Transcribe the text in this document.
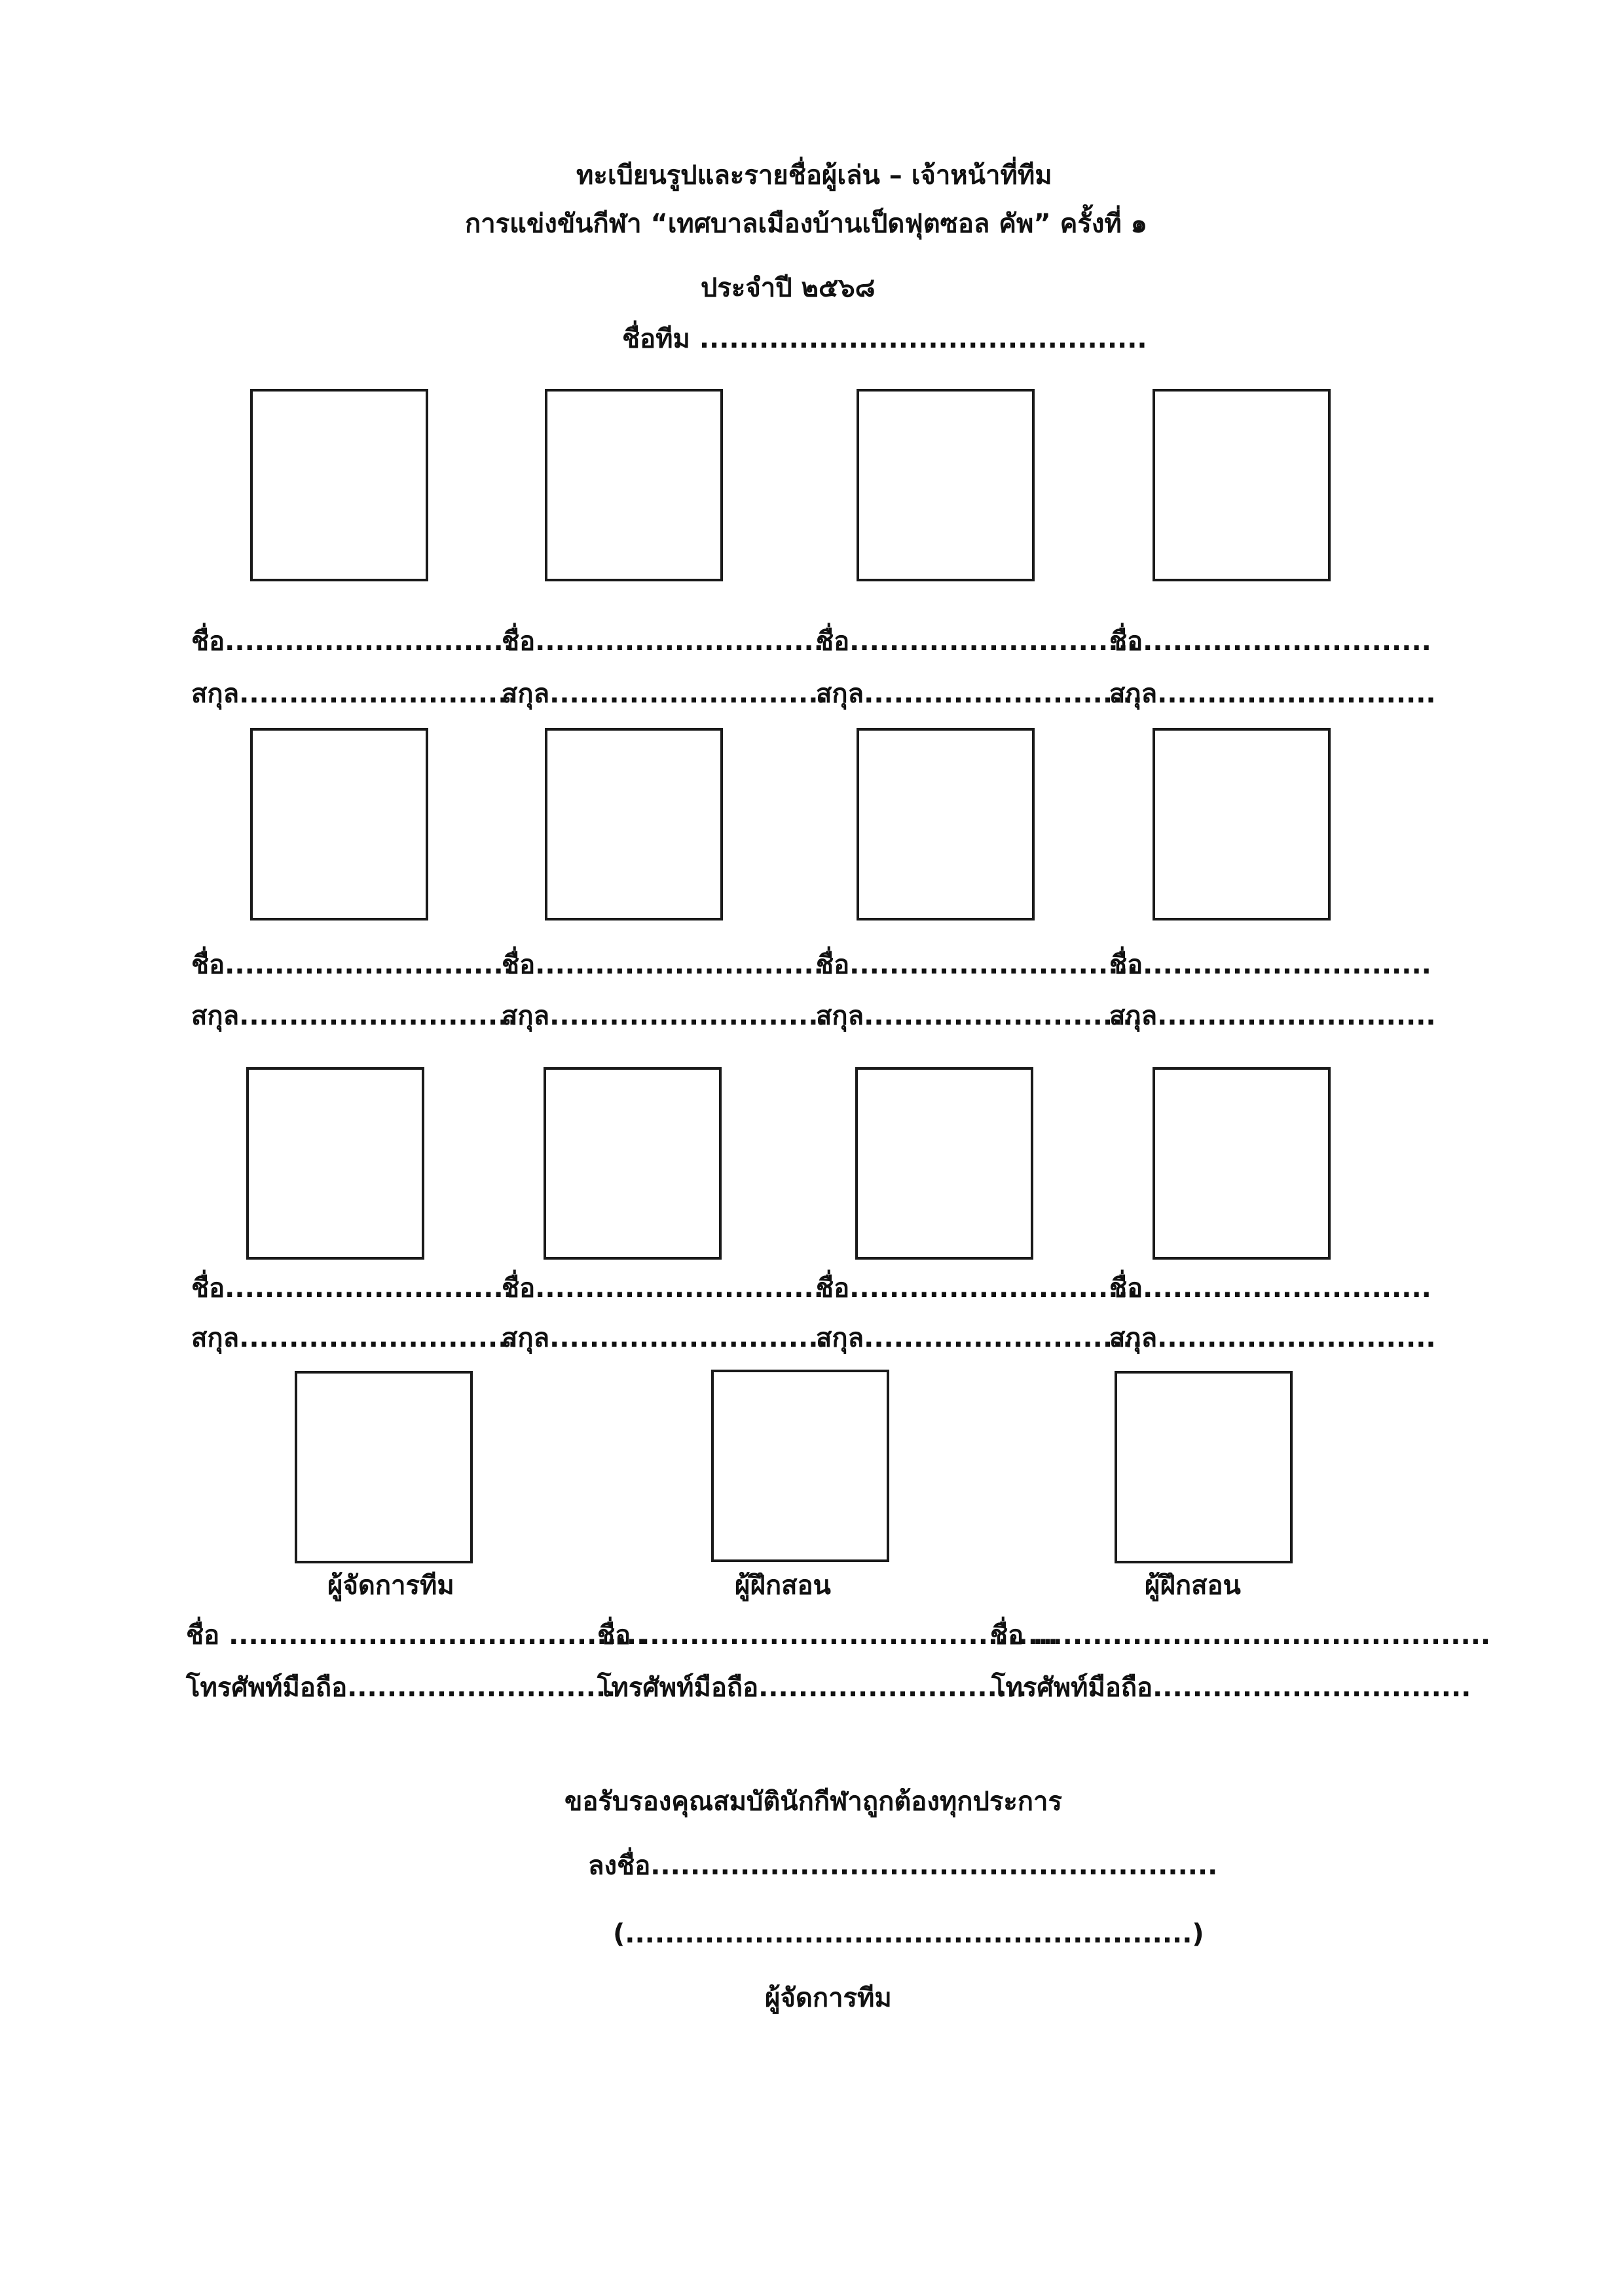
ทะเบียนรูปและรายชื่อผู้เล่น – เจ้าหน้าที่ทีม
การแข่งขันกีฬา “เทศบาลเมืองบ้านเป็ดฟุตซอล คัพ” ครั้งที่ ๑
ประจำปี ๒๕๖๘
ชื่อทีม .............................................
ชื่อ.............................
ชื่อ.............................
ชื่อ.............................
ชื่อ.............................
สกุล............................
สกุล............................
สกุล............................
สกุล............................
ชื่อ.............................
ชื่อ.............................
ชื่อ.............................
ชื่อ.............................
สกุล............................
สกุล............................
สกุล............................
สกุล............................
ชื่อ.............................
ชื่อ.............................
ชื่อ.............................
ชื่อ.............................
สกุล............................
สกุล............................
สกุล............................
สกุล............................
ผู้จัดการทีม	ผู้ฝึกสอน	ผู้ฝึกสอน
ชื่อ ..........................................
ชื่อ ..........................................
ชื่อ ..............................................
โทรศัพท์มือถือ...........................
โทรศัพท์มือถือ...........................
โทรศัพท์มือถือ................................
ขอรับรองคุณสมบัตินักกีฬาถูกต้องทุกประการ
ลงชื่อ.........................................................
(.........................................................)
ผู้จัดการทีม
